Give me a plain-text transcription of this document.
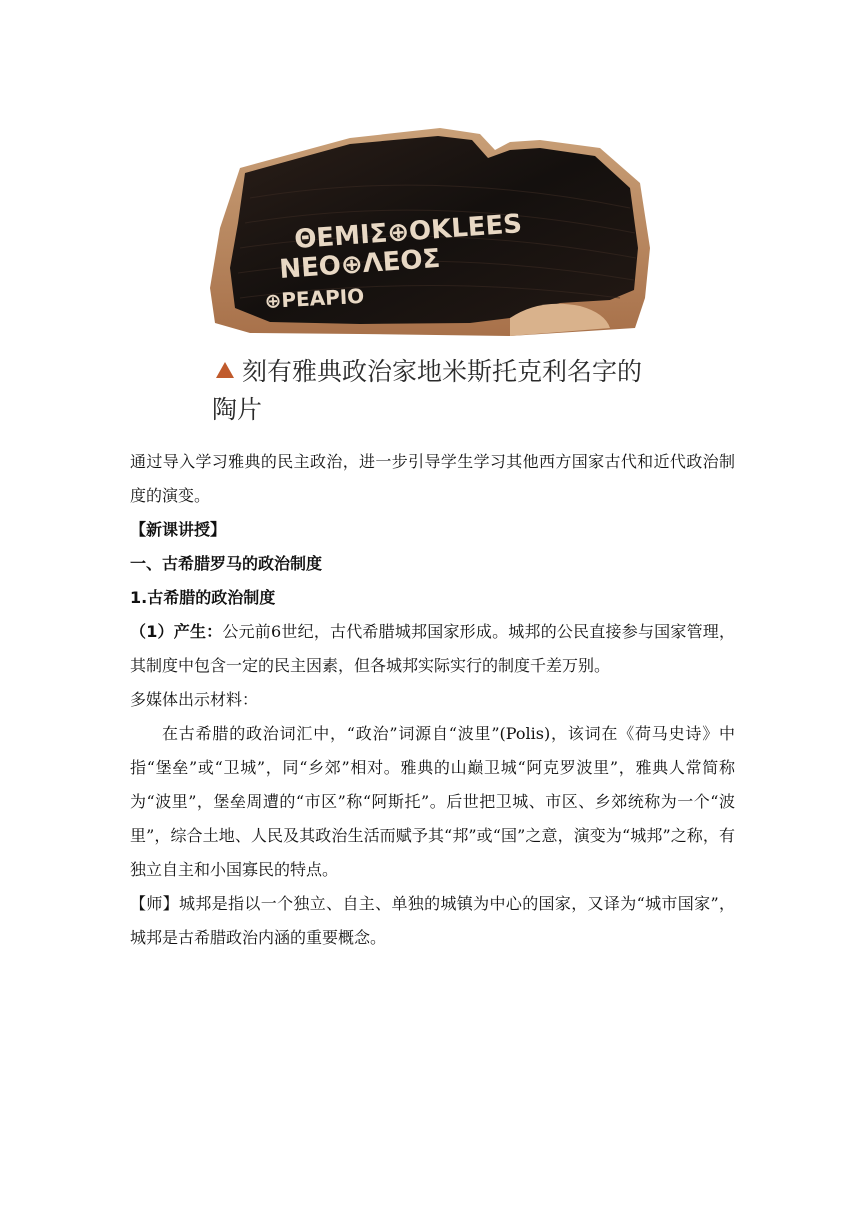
ΘEMIΣ⊕OKLEES
NEO⊕ΛEOΣ
⊕PEAPIO
刻有雅典政治家地米斯托克利名字的
陶片

通过导入学习雅典的民主政治，进一步引导学生学习其他西方国家古代和近代政治制度的演变。

【新课讲授】

一、古希腊罗马的政治制度

1.古希腊的政治制度

（1）产生：公元前6世纪，古代希腊城邦国家形成。城邦的公民直接参与国家管理，其制度中包含一定的民主因素，但各城邦实际实行的制度千差万别。

多媒体出示材料：

在古希腊的政治词汇中，“政治”词源自“波里”(Polis)，该词在《荷马史诗》中指“堡垒”或“卫城”，同“乡郊”相对。雅典的山巅卫城“阿克罗波里”，雅典人常简称为“波里”，堡垒周遭的“市区”称“阿斯托”。后世把卫城、市区、乡郊统称为一个“波里”，综合土地、人民及其政治生活而赋予其“邦”或“国”之意，演变为“城邦”之称，有独立自主和小国寡民的特点。

【师】城邦是指以一个独立、自主、单独的城镇为中心的国家，又译为“城市国家”，城邦是古希腊政治内涵的重要概念。
